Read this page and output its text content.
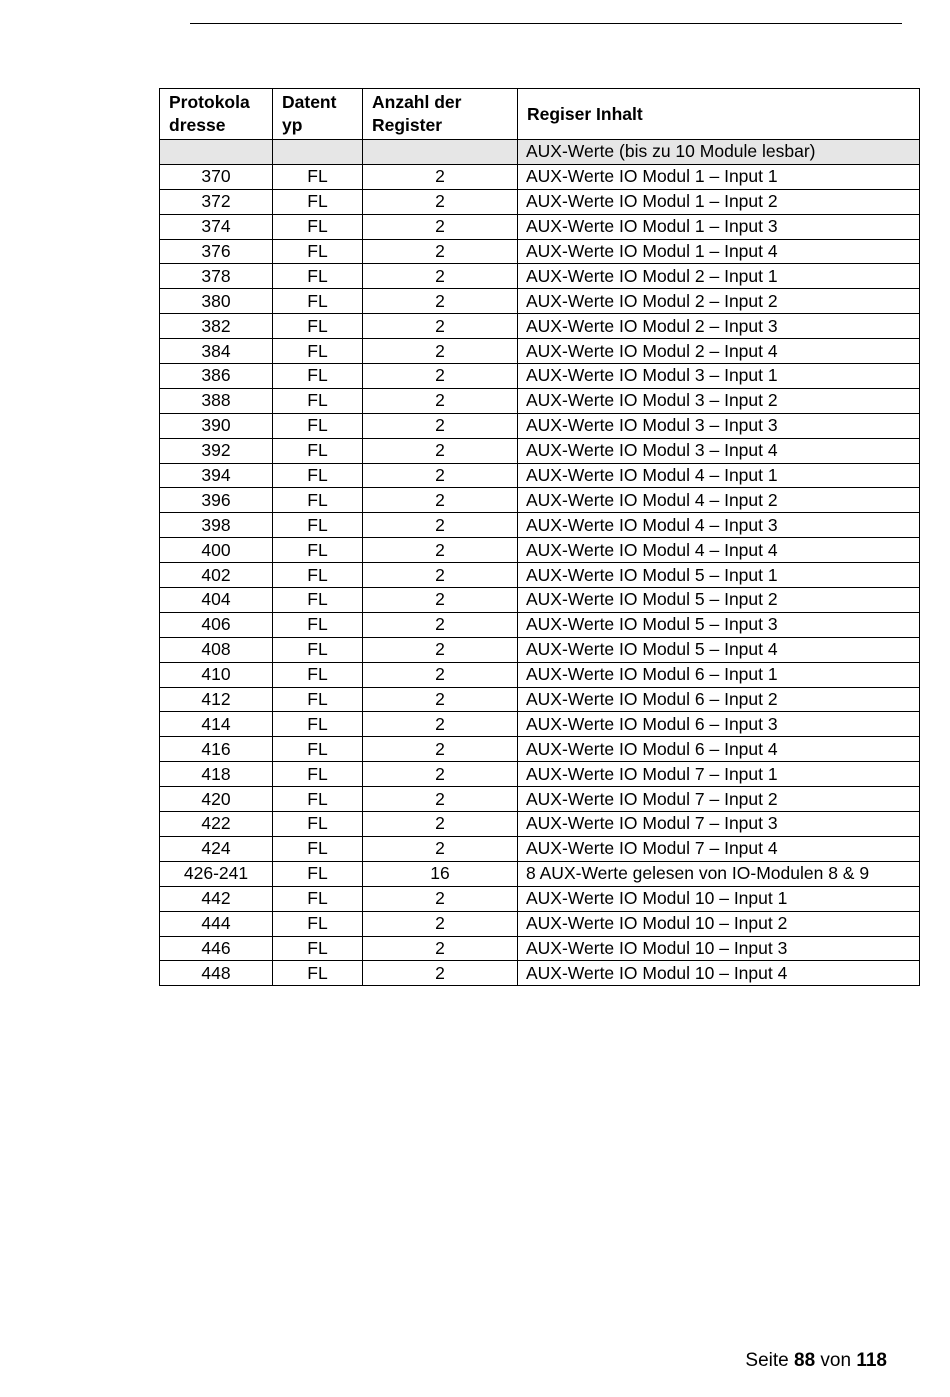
Protokola dresse	Datent yp	Anzahl der Register	Regiser Inhalt
			AUX-Werte (bis zu 10 Module lesbar)
370	FL	2	AUX-Werte IO Modul 1 – Input 1
372	FL	2	AUX-Werte IO Modul 1 – Input 2
374	FL	2	AUX-Werte IO Modul 1 – Input 3
376	FL	2	AUX-Werte IO Modul 1 – Input 4
378	FL	2	AUX-Werte IO Modul 2 – Input 1
380	FL	2	AUX-Werte IO Modul 2 – Input 2
382	FL	2	AUX-Werte IO Modul 2 – Input 3
384	FL	2	AUX-Werte IO Modul 2 – Input 4
386	FL	2	AUX-Werte IO Modul 3 – Input 1
388	FL	2	AUX-Werte IO Modul 3 – Input 2
390	FL	2	AUX-Werte IO Modul 3 – Input 3
392	FL	2	AUX-Werte IO Modul 3 – Input 4
394	FL	2	AUX-Werte IO Modul 4 – Input 1
396	FL	2	AUX-Werte IO Modul 4 – Input 2
398	FL	2	AUX-Werte IO Modul 4 – Input 3
400	FL	2	AUX-Werte IO Modul 4 – Input 4
402	FL	2	AUX-Werte IO Modul 5 – Input 1
404	FL	2	AUX-Werte IO Modul 5 – Input 2
406	FL	2	AUX-Werte IO Modul 5 – Input 3
408	FL	2	AUX-Werte IO Modul 5 – Input 4
410	FL	2	AUX-Werte IO Modul 6 – Input 1
412	FL	2	AUX-Werte IO Modul 6 – Input 2
414	FL	2	AUX-Werte IO Modul 6 – Input 3
416	FL	2	AUX-Werte IO Modul 6 – Input 4
418	FL	2	AUX-Werte IO Modul 7 – Input 1
420	FL	2	AUX-Werte IO Modul 7 – Input 2
422	FL	2	AUX-Werte IO Modul 7 – Input 3
424	FL	2	AUX-Werte IO Modul 7 – Input 4
426-241	FL	16	8 AUX-Werte gelesen von IO-Modulen 8 & 9
442	FL	2	AUX-Werte IO Modul 10 – Input 1
444	FL	2	AUX-Werte IO Modul 10 – Input 2
446	FL	2	AUX-Werte IO Modul 10 – Input 3
448	FL	2	AUX-Werte IO Modul 10 – Input 4
Seite 88 von 118
